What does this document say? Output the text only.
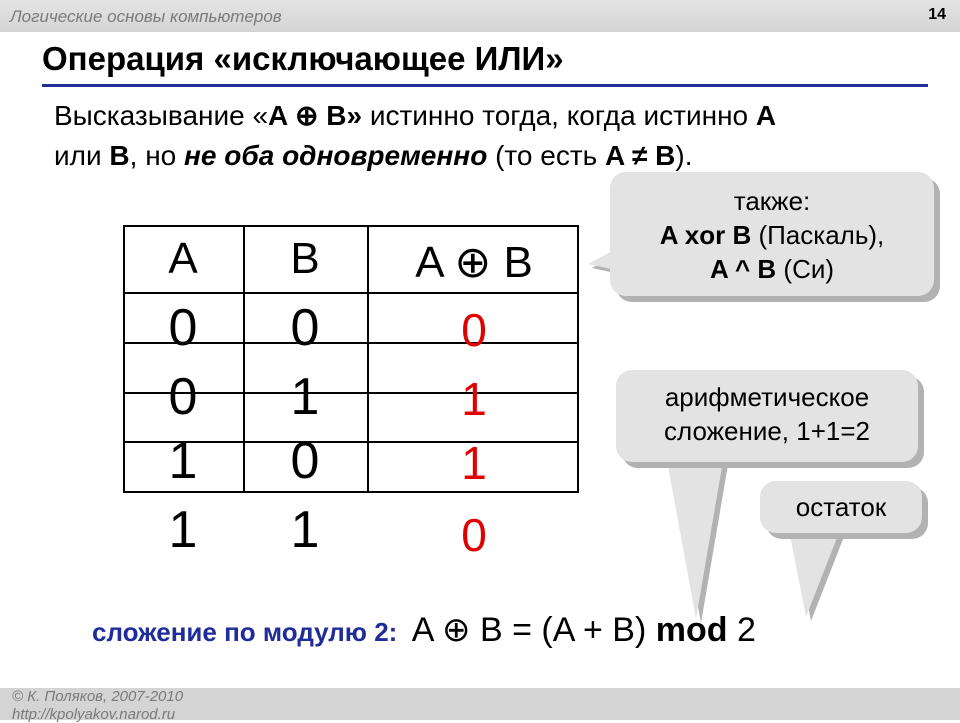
Логические основы компьютеров	14
Операция «исключающее ИЛИ»
Высказывание «A ⊕ B» истинно тогда, когда истинно A
или B, но не оба одновременно (то есть A ≠ B).
A	B	A ⊕ B
0	0	0
0	1	1
1	0	1
1	1	0
также:
A xor B (Паскаль),
A ^ B (Си)
арифметическое
сложение, 1+1=2
остаток
сложение по модулю 2: A ⊕ B = (A + B) mod 2
© К. Поляков, 2007-2010
http://kpolyakov.narod.ru
